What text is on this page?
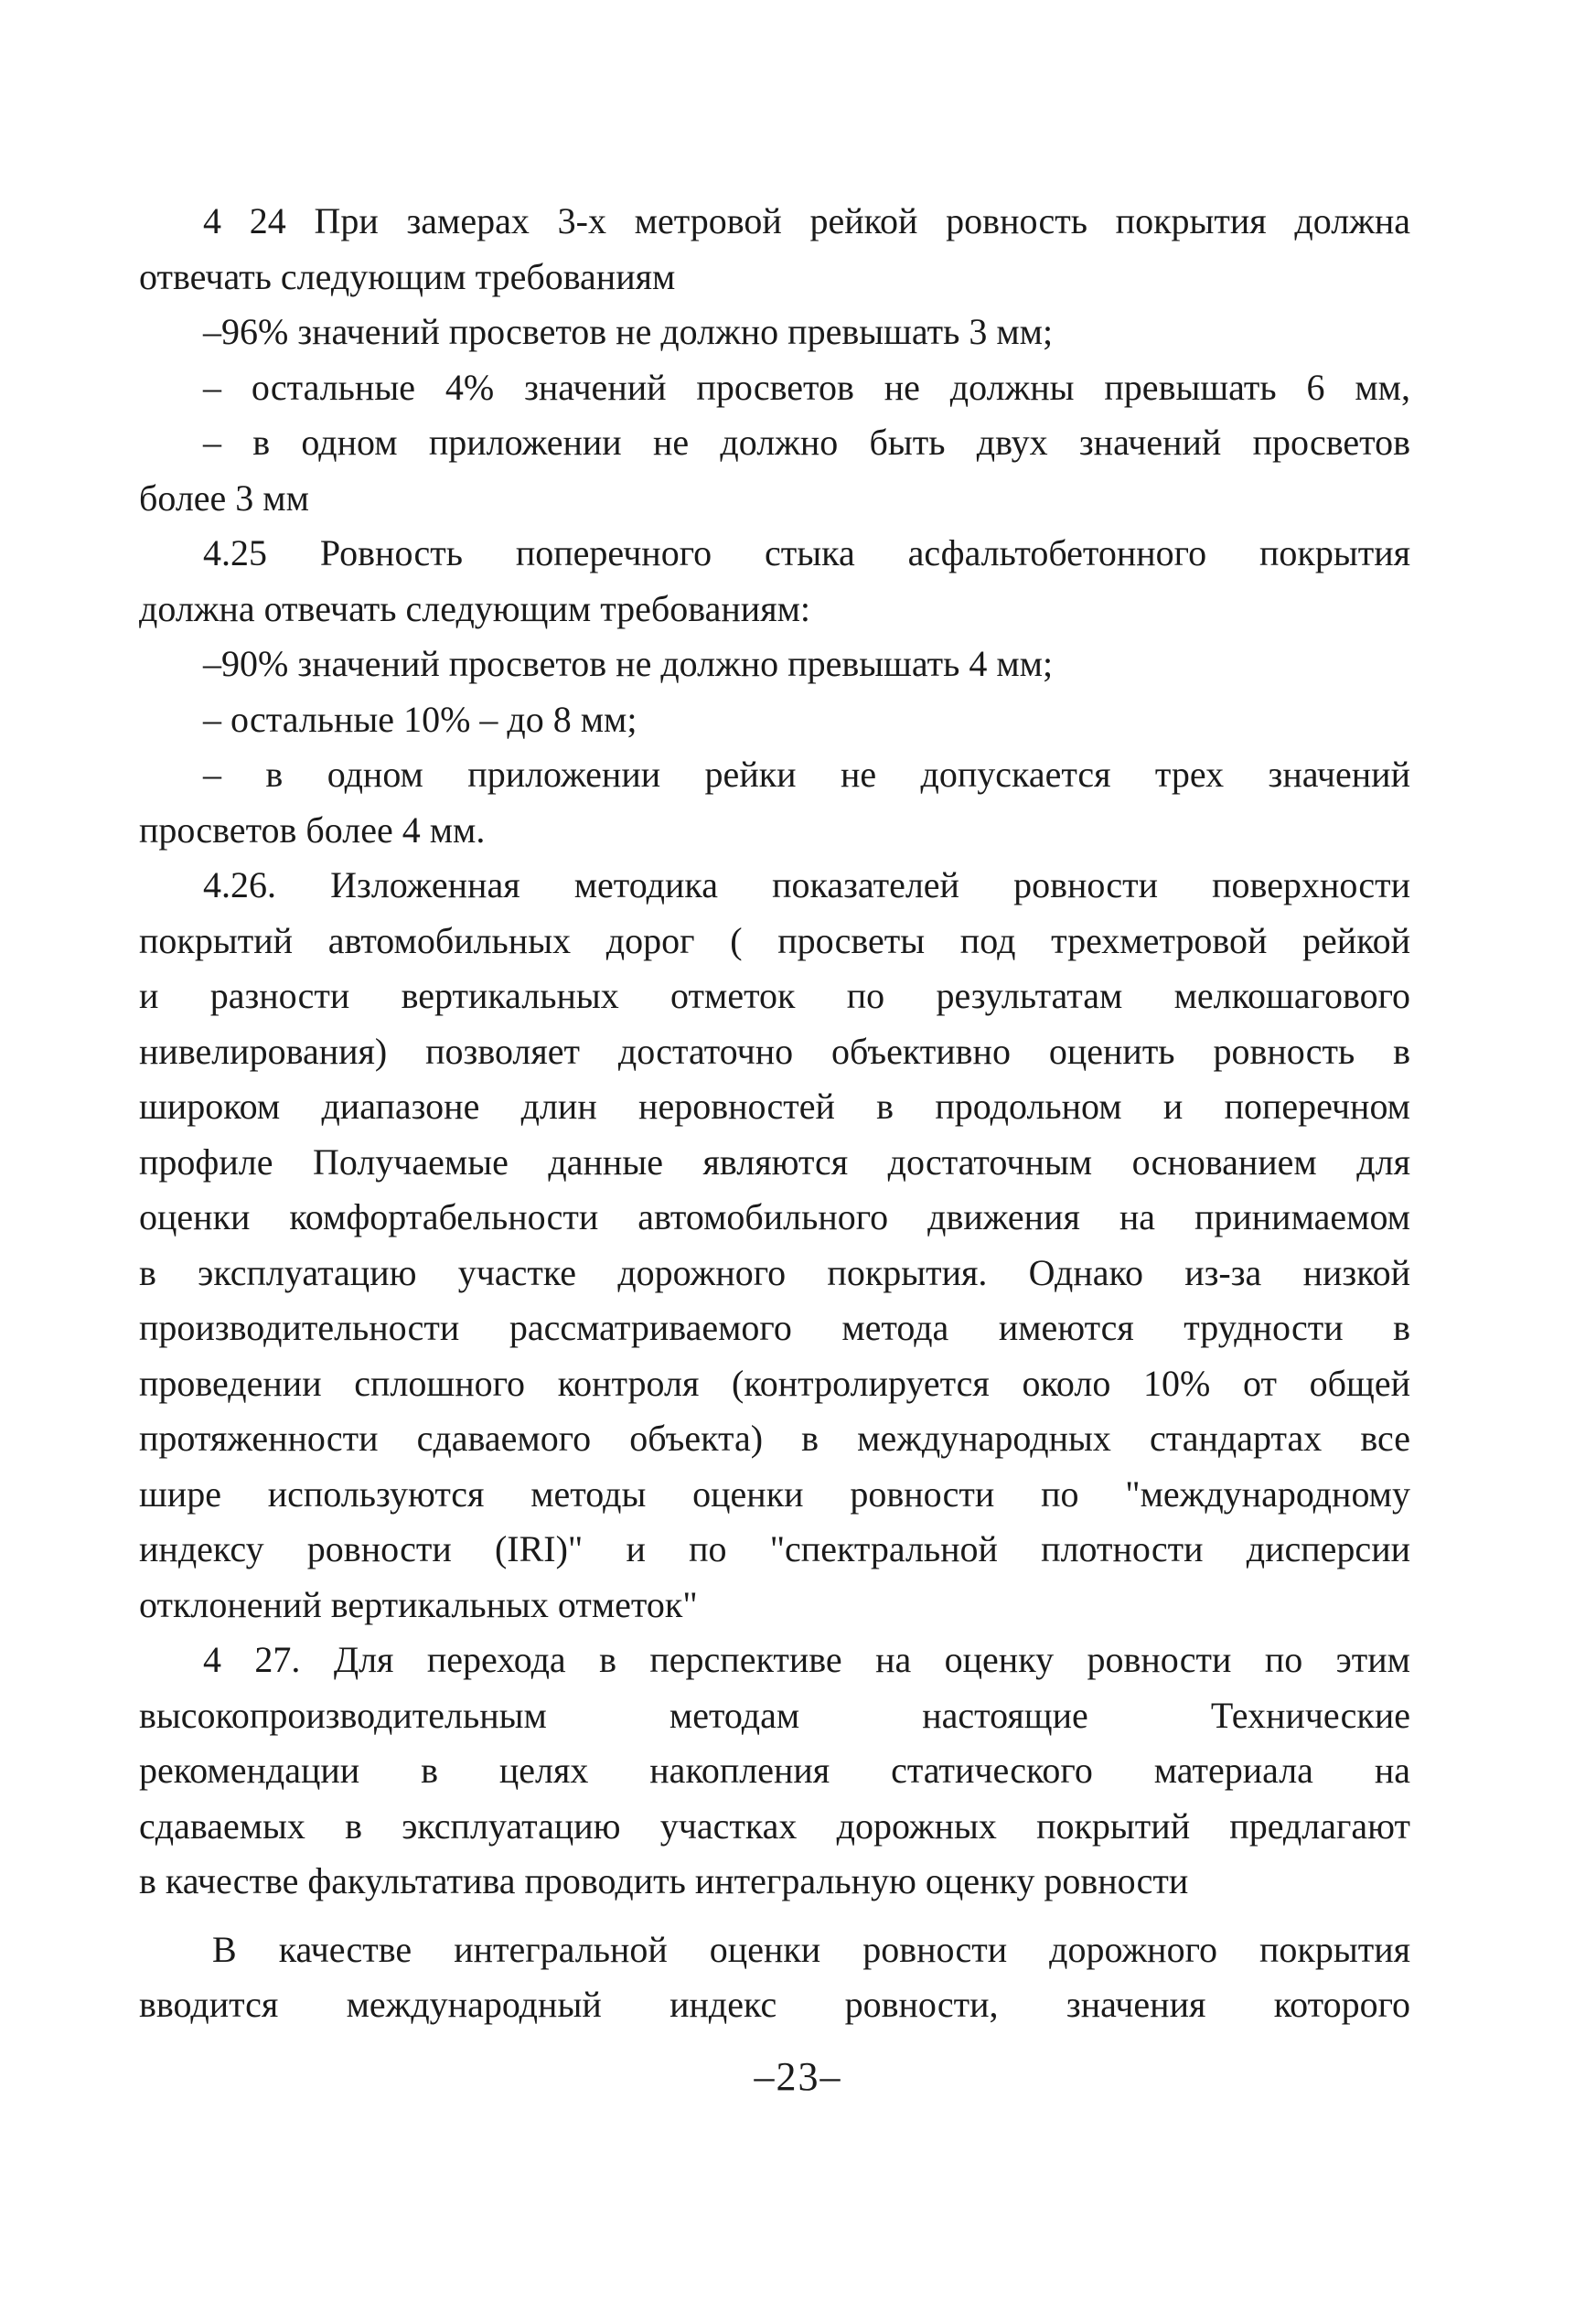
4 24 При замерах 3-х метровой рейкой ровность покрытия должна
отвечать следующим требованиям
–96% значений просветов не должно превышать 3 мм;
– остальные 4% значений просветов не должны превышать 6 мм,
– в одном приложении не должно быть двух значений просветов
более 3 мм
4.25 Ровность поперечного стыка асфальтобетонного покрытия
должна отвечать следующим требованиям:
–90% значений просветов не должно превышать 4 мм;
– остальные 10% – до 8 мм;
– в одном приложении рейки не допускается трех значений
просветов более 4 мм.
4.26. Изложенная методика показателей ровности поверхности
покрытий автомобильных дорог ( просветы под трехметровой рейкой
и разности вертикальных отметок по результатам мелкошагового
нивелирования) позволяет достаточно объективно оценить ровность в
широком диапазоне длин неровностей в продольном и поперечном
профиле Получаемые данные являются достаточным основанием для
оценки комфортабельности автомобильного движения на принимаемом
в эксплуатацию участке дорожного покрытия. Однако из-за низкой
производительности рассматриваемого метода имеются трудности в
проведении сплошного контроля (контролируется около 10% от общей
протяженности сдаваемого объекта) в международных стандартах все
шире используются методы оценки ровности по "международному
индексу ровности (IRI)" и по "спектральной плотности дисперсии
отклонений вертикальных отметок"
4 27. Для перехода в перспективе на оценку ровности по этим
высокопроизводительным методам настоящие Технические
рекомендации в целях накопления статического материала на
сдаваемых в эксплуатацию участках дорожных покрытий предлагают
в качестве факультатива проводить интегральную оценку ровности
В качестве интегральной оценки ровности дорожного покрытия
вводится международный индекс ровности, значения которого
–23–
